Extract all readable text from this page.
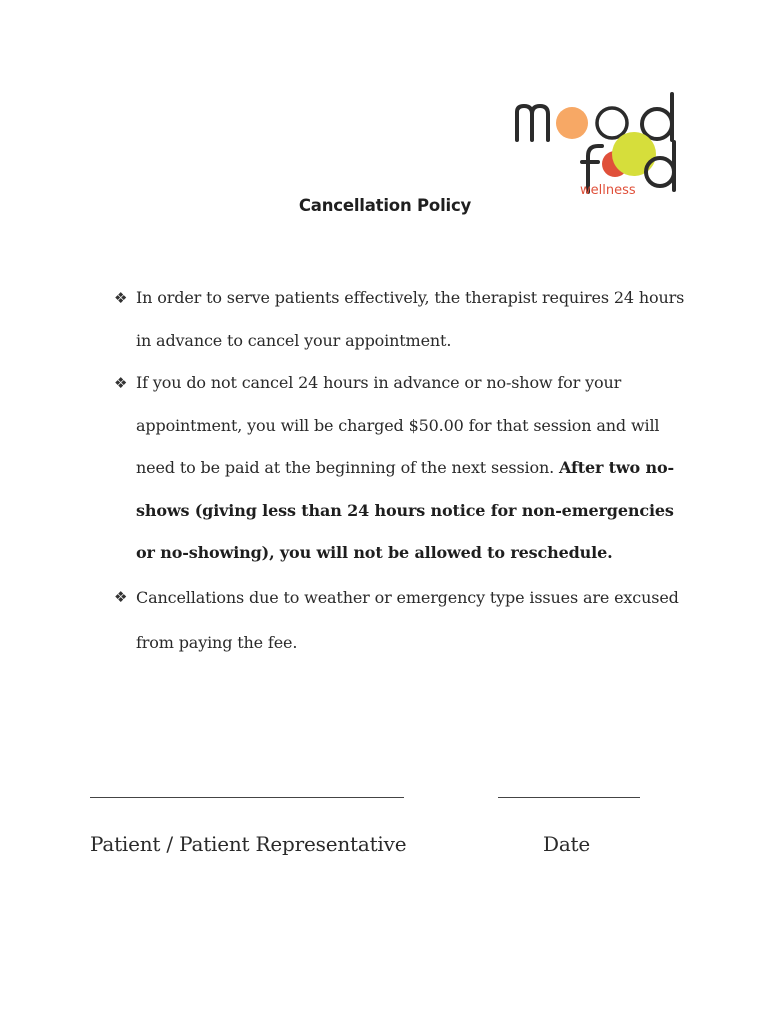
wellness
Cancellation Policy
❖ In order to serve patients effectively, the therapist requires 24 hours in advance to cancel your appointment.
❖ If you do not cancel 24 hours in advance or no-show for your appointment, you will be charged $50.00 for that session and will need to be paid at the beginning of the next session. After two no-shows (giving less than 24 hours notice for non-emergencies or no-showing), you will not be allowed to reschedule.
❖ Cancellations due to weather or emergency type issues are excused from paying the fee.
Patient / Patient Representative	Date
